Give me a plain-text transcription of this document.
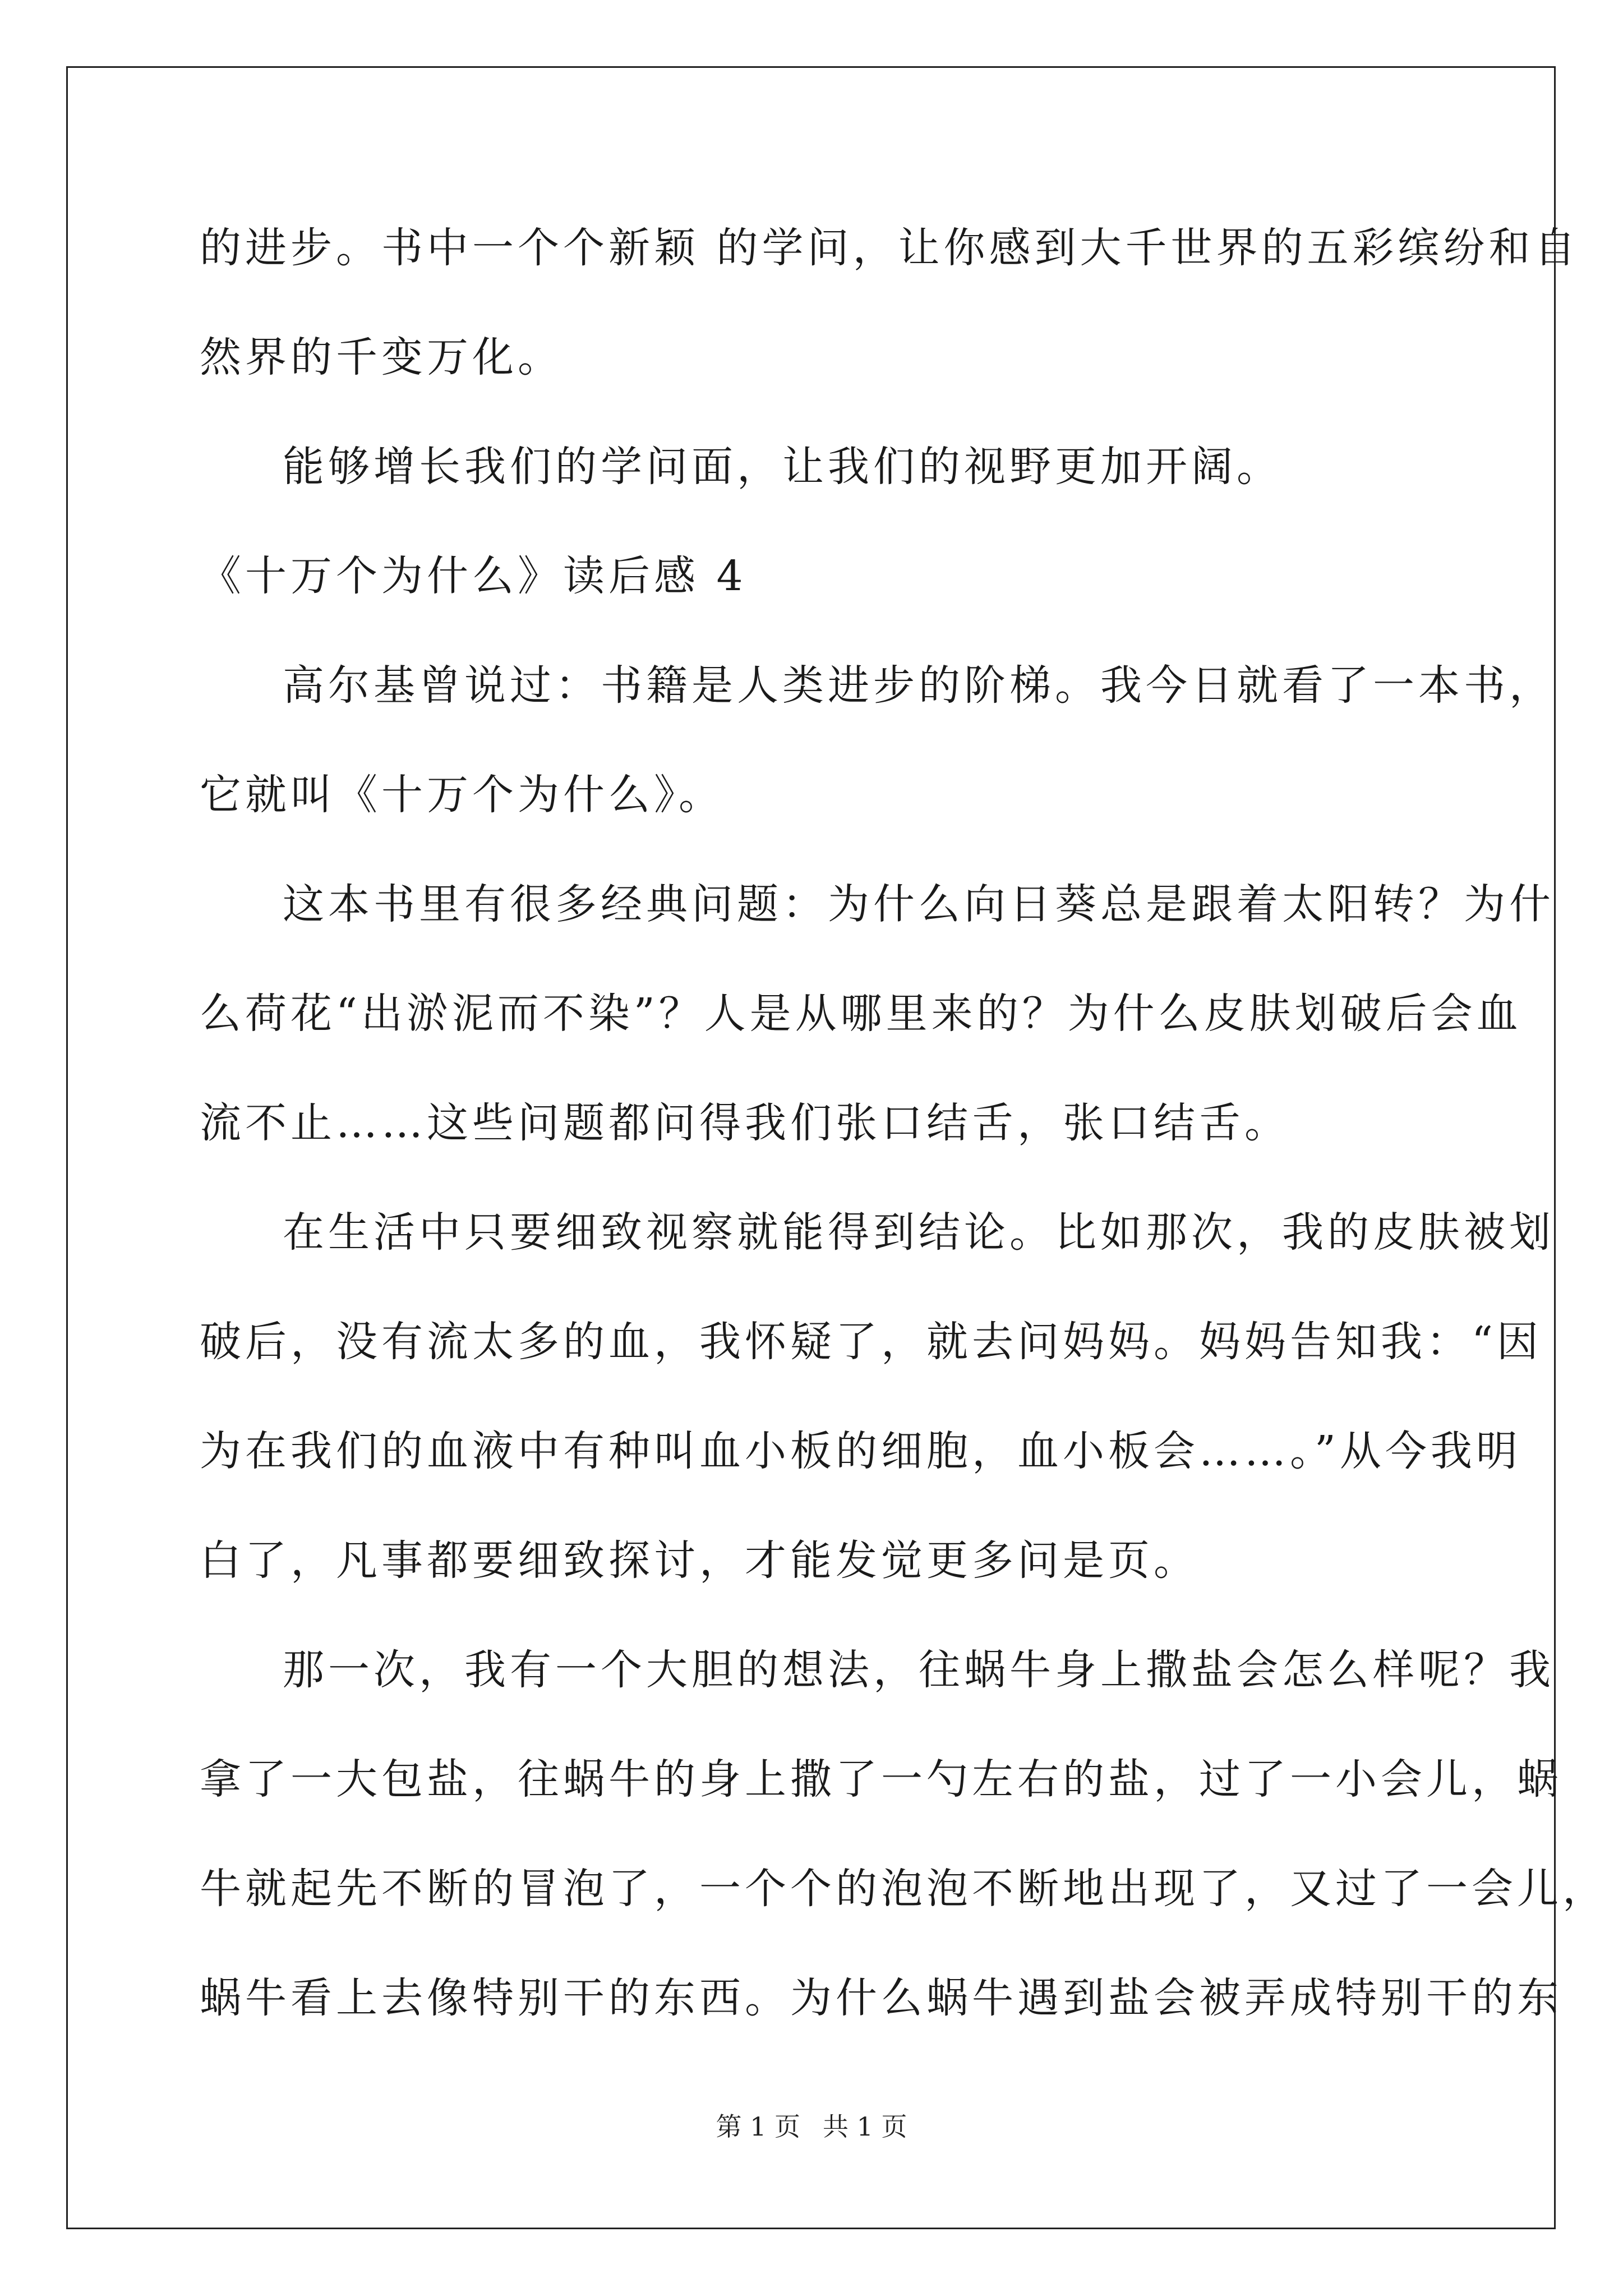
的进步。书中一个个新颖 的学问，让你感到大千世界的五彩缤纷和自
然界的千变万化。
能够增长我们的学问面，让我们的视野更加开阔。
《十万个为什么》读后感 4
高尔基曾说过：书籍是人类进步的阶梯。我今日就看了一本书，
它就叫《十万个为什么》。
这本书里有很多经典问题：为什么向日葵总是跟着太阳转？为什
么荷花“出淤泥而不染”？人是从哪里来的？为什么皮肤划破后会血
流不止……这些问题都问得我们张口结舌，张口结舌。
在生活中只要细致视察就能得到结论。比如那次，我的皮肤被划
破后，没有流太多的血，我怀疑了，就去问妈妈。妈妈告知我：“因
为在我们的血液中有种叫血小板的细胞，血小板会……。”从今我明
白了，凡事都要细致探讨，才能发觉更多问是页。
那一次，我有一个大胆的想法，往蜗牛身上撒盐会怎么样呢？我
拿了一大包盐，往蜗牛的身上撒了一勺左右的盐，过了一小会儿，蜗
牛就起先不断的冒泡了，一个个的泡泡不断地出现了，又过了一会儿，
蜗牛看上去像特别干的东西。为什么蜗牛遇到盐会被弄成特别干的东
第 1 页 共 1 页
